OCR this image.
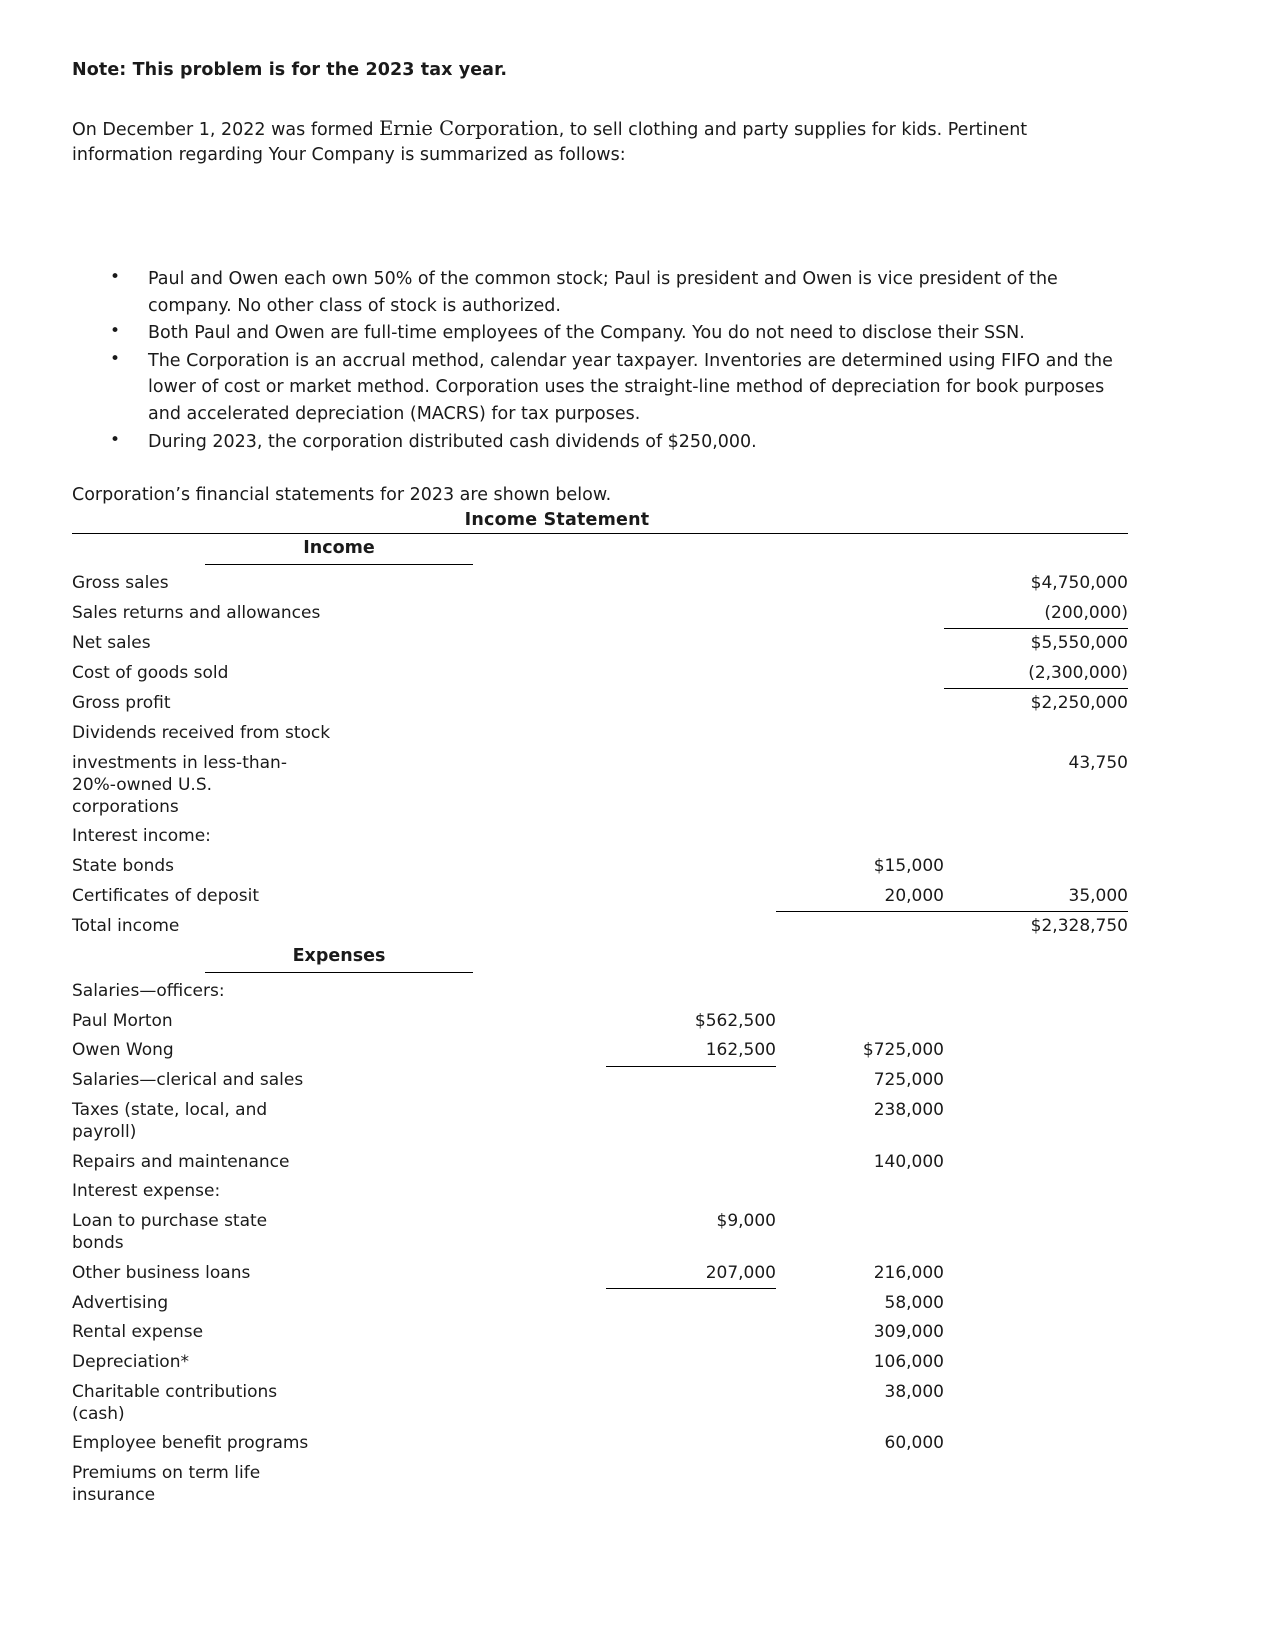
Note: This problem is for the 2023 tax year.

On December 1, 2022 was formed Ernie Corporation, to sell clothing and party supplies for kids. Pertinent information regarding Your Company is summarized as follows:

• Paul and Owen each own 50% of the common stock; Paul is president and Owen is vice president of the company. No other class of stock is authorized.
• Both Paul and Owen are full-time employees of the Company. You do not need to disclose their SSN.
• The Corporation is an accrual method, calendar year taxpayer. Inventories are determined using FIFO and the lower of cost or market method. Corporation uses the straight-line method of depreciation for book purposes and accelerated depreciation (MACRS) for tax purposes.
• During 2023, the corporation distributed cash dividends of $250,000.

Corporation’s financial statements for 2023 are shown below.

Income Statement
Income			
Gross sales			$4,750,000
Sales returns and allowances			(200,000)
Net sales			$5,550,000
Cost of goods sold			(2,300,000)
Gross profit			$2,250,000
Dividends received from stock			
investments in less-than-20%-owned U.S. corporations			43,750
Interest income:			
State bonds		$15,000	
Certificates of deposit		20,000	35,000
Total income			$2,328,750
Expenses			
Salaries—officers:			
Paul Morton	$562,500		
Owen Wong	162,500	$725,000	
Salaries—clerical and sales		725,000	
Taxes (state, local, and payroll)		238,000	
Repairs and maintenance		140,000	
Interest expense:			
Loan to purchase state bonds	$9,000		
Other business loans	207,000	216,000	
Advertising		58,000	
Rental expense		309,000	
Depreciation*		106,000	
Charitable contributions (cash)		38,000	
Employee benefit programs		60,000	
Premiums on term life insurance			
